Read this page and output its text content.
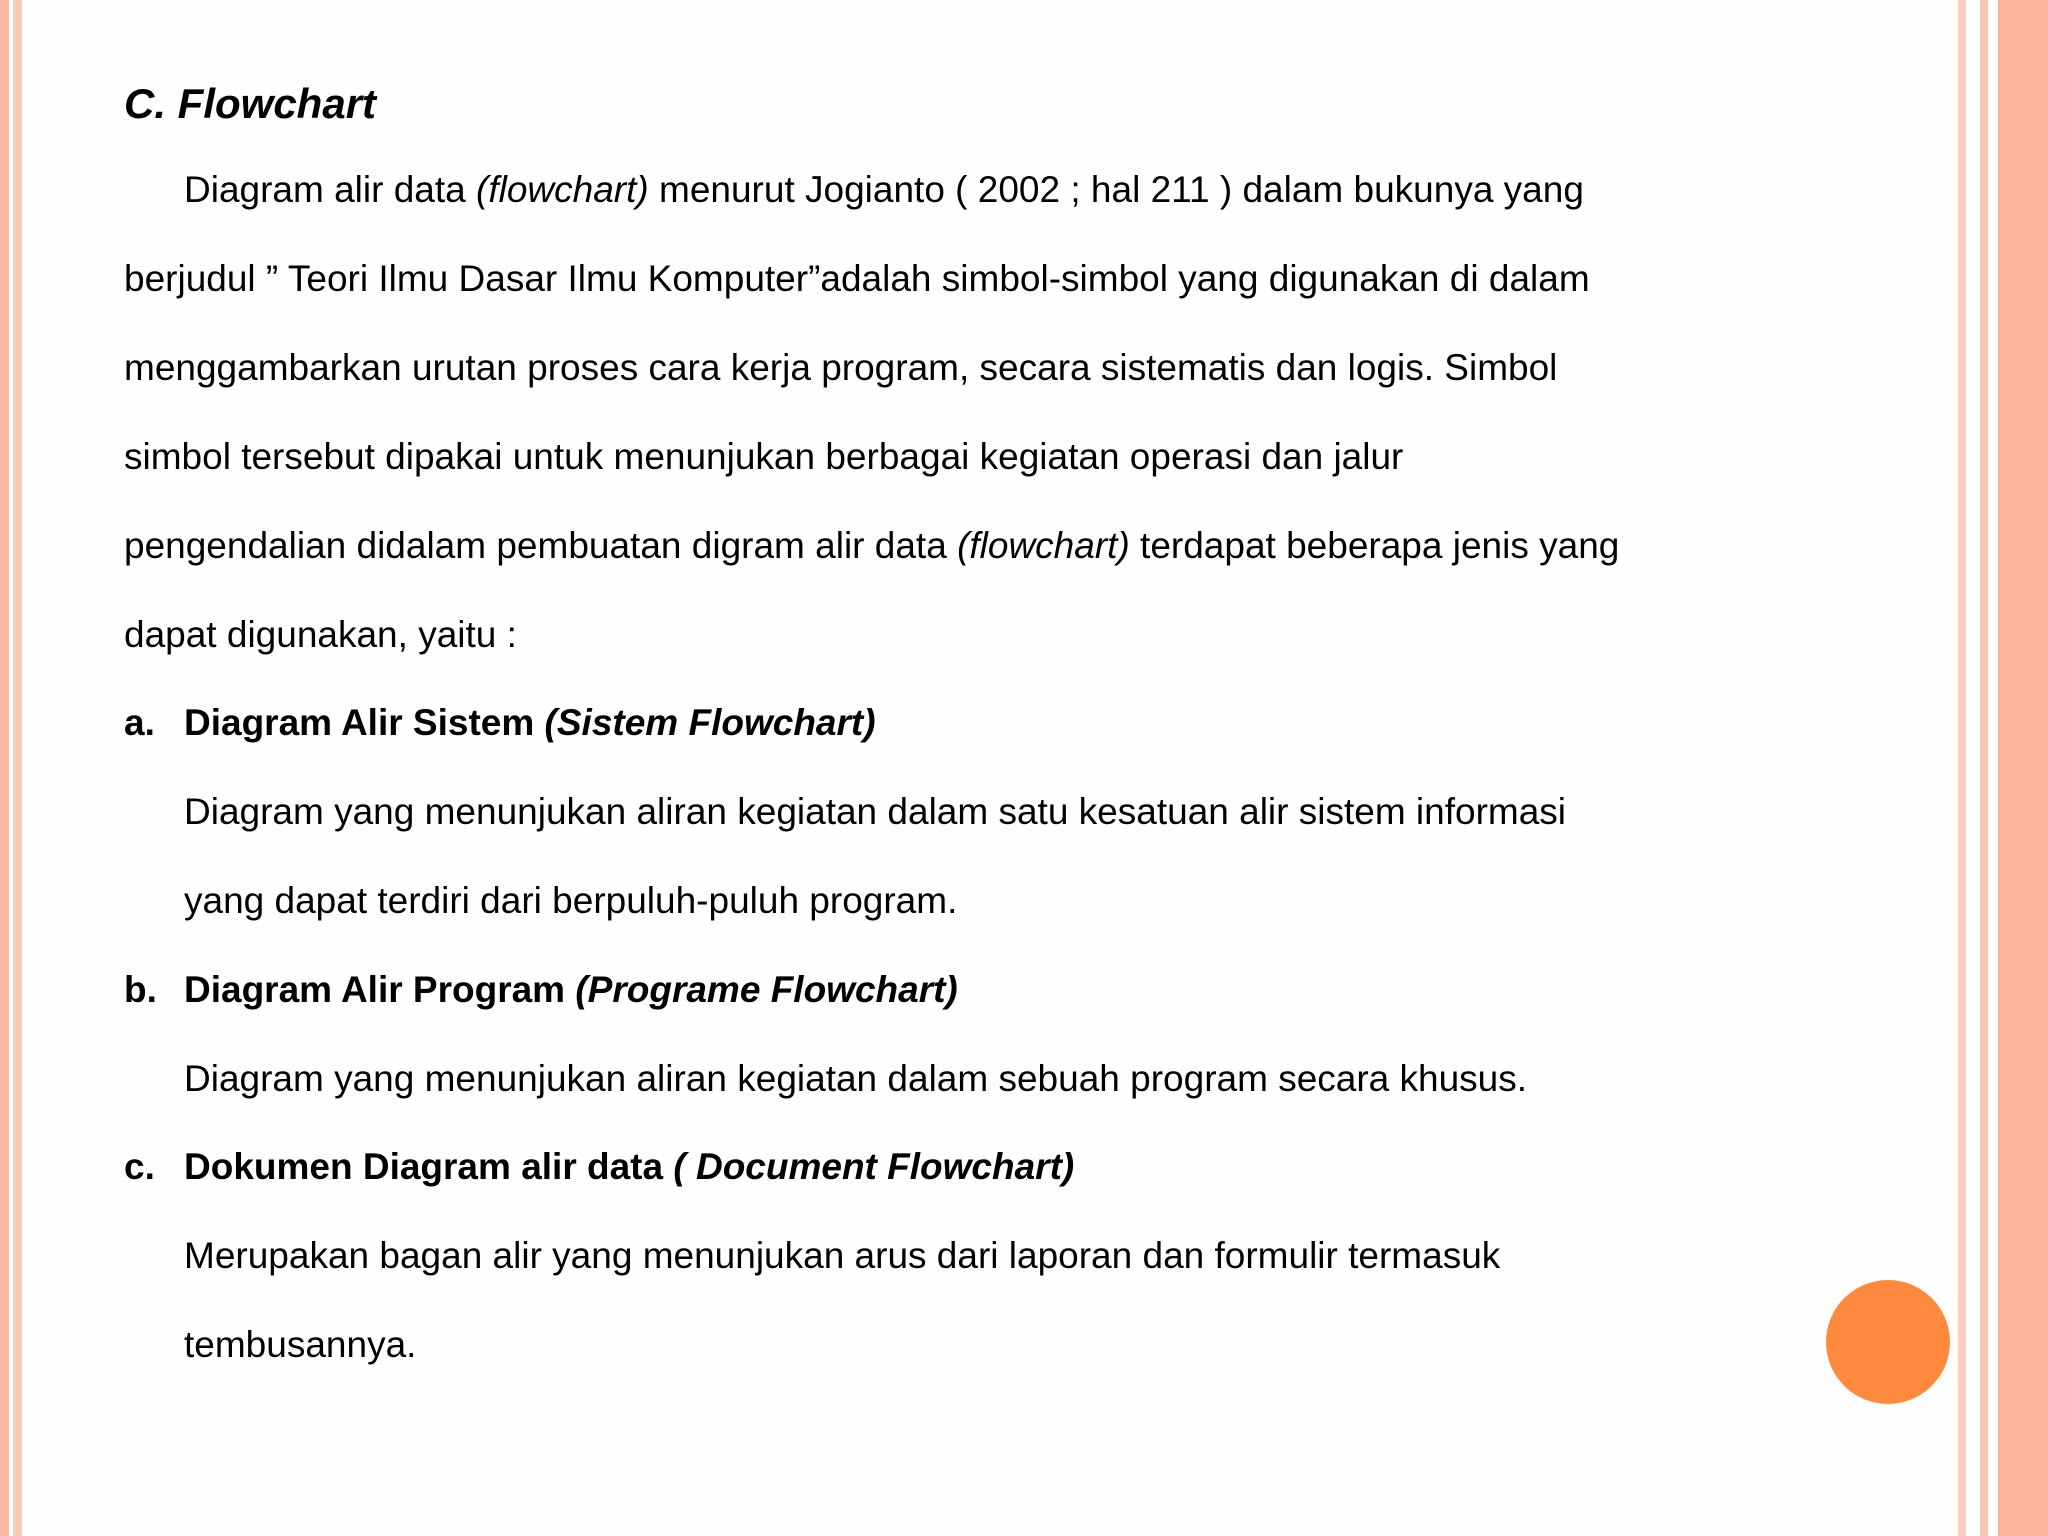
C. Flowchart
Diagram alir data (flowchart) menurut Jogianto ( 2002 ; hal 211 ) dalam bukunya yang
berjudul ” Teori Ilmu Dasar Ilmu Komputer”adalah simbol-simbol yang digunakan di dalam
menggambarkan urutan proses cara kerja program, secara sistematis dan logis. Simbol
simbol tersebut dipakai untuk menunjukan berbagai kegiatan operasi dan jalur
pengendalian didalam pembuatan digram alir data (flowchart) terdapat beberapa jenis yang
dapat digunakan, yaitu :
a. Diagram Alir Sistem (Sistem Flowchart)
Diagram yang menunjukan aliran kegiatan dalam satu kesatuan alir sistem informasi
yang dapat terdiri dari berpuluh-puluh program.
b. Diagram Alir Program (Programe Flowchart)
Diagram yang menunjukan aliran kegiatan dalam sebuah program secara khusus.
c. Dokumen Diagram alir data ( Document Flowchart)
Merupakan bagan alir yang menunjukan arus dari laporan dan formulir termasuk
tembusannya.
